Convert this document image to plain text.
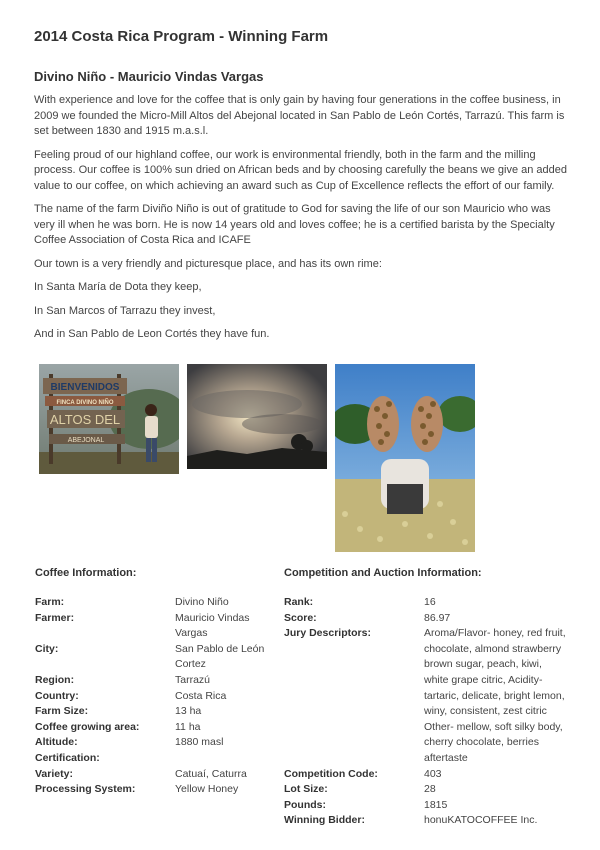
2014 Costa Rica Program - Winning Farm
Divino Niño - Mauricio Vindas Vargas

With experience and love for the coffee that is only gain by having four generations in the coffee business, in 2009 we founded the Micro-Mill Altos del Abejonal located in San Pablo de León Cortés, Tarrazú. This farm is set between 1830 and 1915 m.a.s.l.

Feeling proud of our highland coffee, our work is environmental friendly, both in the farm and the milling process. Our coffee is 100% sun dried on African beds and by choosing carefully the beans we give an added value to our coffee, on which achieving an award such as Cup of Excellence reflects the effort of our family.

The name of the farm Diviño Niño is out of gratitude to God for saving the life of our son Mauricio who was very ill when he was born. He is now 14 years old and loves coffee; he is a certified barista by the Specialty Coffee Association of Costa Rica and ICAFE

Our town is a very friendly and picturesque place, and has its own rime:

In Santa María de Dota they keep,

In San Marcos of Tarrazu they invest,

And in San Pablo de Leon Cortés they have fun.

BIENVENIDOS
FINCA DIVINO NIÑO
ALTOS DEL
ABEJONAL
Coffee Information:
Farm:	Divino Niño
Farmer:	Mauricio Vindas Vargas
City:	San Pablo de León Cortez
Region:	Tarrazú
Country:	Costa Rica
Farm Size:	13 ha
Coffee growing area:	11 ha
Altitude:	1880 masl
Certification:	
Variety:	Catuaí, Caturra
Processing System:	Yellow Honey
Competition and Auction Information:
Rank:	16
Score:	86.97
Jury Descriptors:	Aroma/Flavor- honey, red fruit, chocolate, almond strawberry brown sugar, peach, kiwi, white grape citric, Acidity- tartaric, delicate, bright lemon, winy, consistent, zest citric Other- mellow, soft silky body, cherry chocolate, berries aftertaste
Competition Code:	403
Lot Size:	28
Pounds:	1815
Winning Bidder:	honuKATOCOFFEE Inc.
